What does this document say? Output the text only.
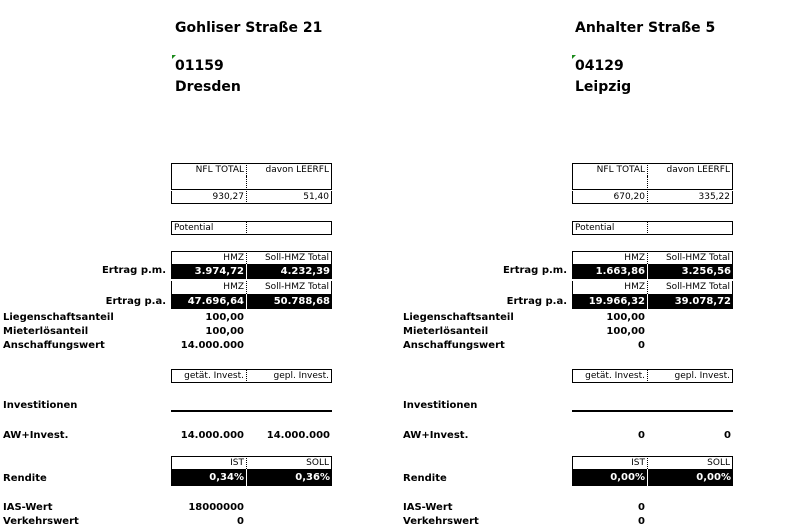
Gohliser Straße 21
01159
Dresden
NFL TOTAL	davon LEERFL
930,27	51,40
Potential
HMZ	Soll-HMZ Total
Ertrag p.m.	3.974,72	4.232,39
HMZ	Soll-HMZ Total
Ertrag p.a.	47.696,64	50.788,68
Liegenschaftsanteil	100,00
Mieterlösanteil	100,00
Anschaffungswert	14.000.000
getät. Invest.	gepl. Invest.
Investitionen
AW+Invest.	14.000.000	14.000.000
IST	SOLL
Rendite	0,34%	0,36%
IAS-Wert	18000000
Verkehrswert	0
Anhalter Straße 5
04129
Leipzig
NFL TOTAL	davon LEERFL
670,20	335,22
Potential
HMZ	Soll-HMZ Total
Ertrag p.m.	1.663,86	3.256,56
HMZ	Soll-HMZ Total
Ertrag p.a.	19.966,32	39.078,72
Liegenschaftsanteil	100,00
Mieterlösanteil	100,00
Anschaffungswert	0
getät. Invest.	gepl. Invest.
Investitionen
AW+Invest.	0	0
IST	SOLL
Rendite	0,00%	0,00%
IAS-Wert	0
Verkehrswert	0
